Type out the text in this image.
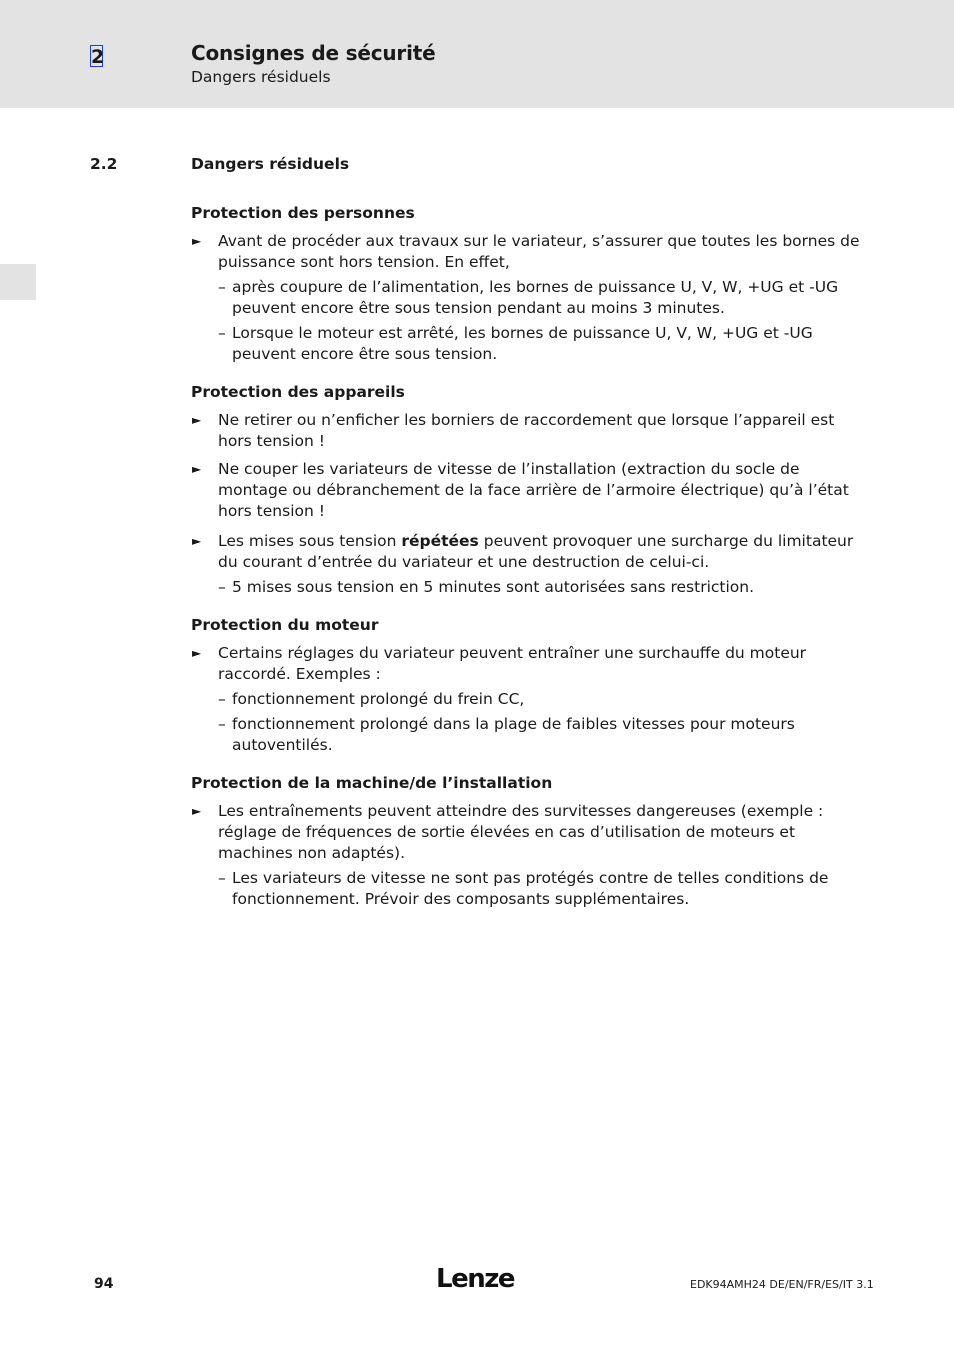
2	Consignes de sécurité
Dangers résiduels
2.2	Dangers résiduels

Protection des personnes

► Avant de procéder aux travaux sur le variateur, s’assurer que toutes les bornes de puissance sont hors tension. En effet,
– après coupure de l’alimentation, les bornes de puissance U, V, W, +UG et -UG peuvent encore être sous tension pendant au moins 3 minutes.
– Lorsque le moteur est arrêté, les bornes de puissance U, V, W, +UG et -UG peuvent encore être sous tension.

Protection des appareils

► Ne retirer ou n’enficher les borniers de raccordement que lorsque l’appareil est hors tension !
► Ne couper les variateurs de vitesse de l’installation (extraction du socle de montage ou débranchement de la face arrière de l’armoire électrique) qu’à l’état hors tension !
► Les mises sous tension répétées peuvent provoquer une surcharge du limitateur du courant d’entrée du variateur et une destruction de celui-ci.
– 5 mises sous tension en 5 minutes sont autorisées sans restriction.

Protection du moteur

► Certains réglages du variateur peuvent entraîner une surchauffe du moteur raccordé. Exemples :
– fonctionnement prolongé du frein CC,
– fonctionnement prolongé dans la plage de faibles vitesses pour moteurs autoventilés.

Protection de la machine/de l’installation

► Les entraînements peuvent atteindre des survitesses dangereuses (exemple : réglage de fréquences de sortie élevées en cas d’utilisation de moteurs et machines non adaptés).
– Les variateurs de vitesse ne sont pas protégés contre de telles conditions de fonctionnement. Prévoir des composants supplémentaires.
94	Lenze	EDK94AMH24 DE/EN/FR/ES/IT 3.1
